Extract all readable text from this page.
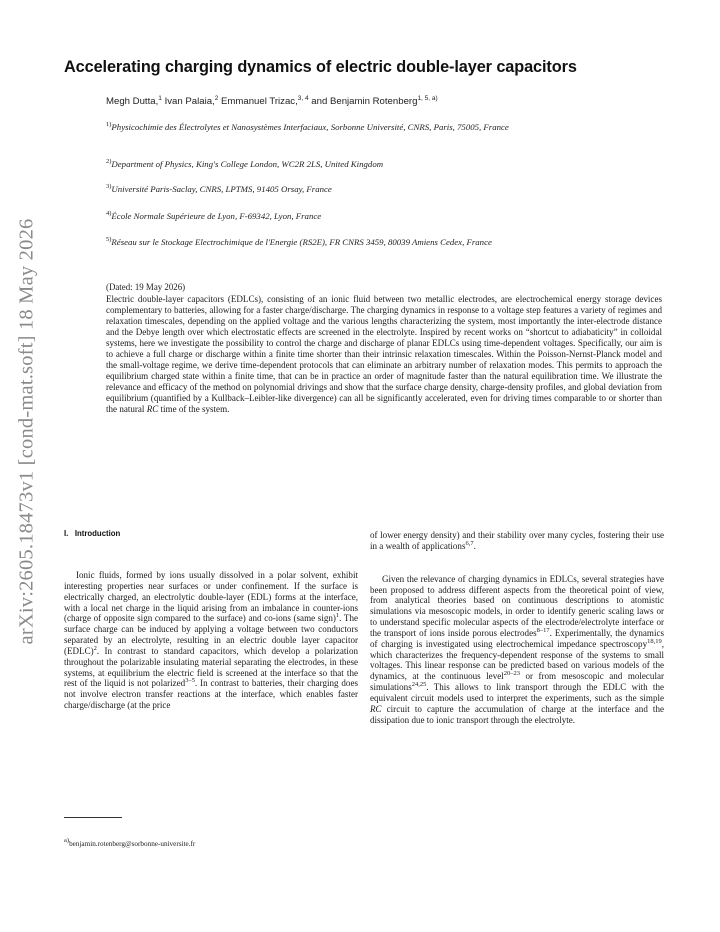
arXiv:2605.18473v1 [cond-mat.soft] 18 May 2026
Accelerating charging dynamics of electric double-layer capacitors
Megh Dutta,$^1$ Ivan Palaia,$^2$ Emmanuel Trizac,$^{3, 4}$ and Benjamin Rotenberg$^{1, 5, a)}$
$^{1)}$Physicochimie des Électrolytes et Nanosystèmes Interfaciaux, Sorbonne Université, CNRS, Paris, 75005, France
$^{2)}$Department of Physics, King's College London, WC2R 2LS, United Kingdom
$^{3)}$Université Paris-Saclay, CNRS, LPTMS, 91405 Orsay, France
$^{4)}$École Normale Supérieure de Lyon, F-69342, Lyon, France
$^{5)}$Réseau sur le Stockage Electrochimique de l'Energie (RS2E), FR CNRS 3459, 80039 Amiens Cedex, France
(Dated: 19 May 2026)
Electric double-layer capacitors (EDLCs), consisting of an ionic fluid between two metallic electrodes, are electrochemical energy storage devices complementary to batteries, allowing for a faster charge/discharge. The charging dynamics in response to a voltage step features a variety of regimes and relaxation timescales, depending on the applied voltage and the various lengths characterizing the system, most importantly the inter-electrode distance and the Debye length over which electrostatic effects are screened in the electrolyte. Inspired by recent works on “shortcut to adiabaticity” in colloidal systems, here we investigate the possibility to control the charge and discharge of planar EDLCs using time-dependent voltages. Specifically, our aim is to achieve a full charge or discharge within a finite time shorter than their intrinsic relaxation timescales. Within the Poisson-Nernst-Planck model and the small-voltage regime, we derive time-dependent protocols that can eliminate an arbitrary number of relaxation modes. This permits to approach the equilibrium charged state within a finite time, that can be in practice an order of magnitude faster than the natural equilibration time. We illustrate the relevance and efficacy of the method on polynomial drivings and show that the surface charge density, charge-density profiles, and global deviation from equilibrium (quantified by a Kullback–Leibler-like divergence) can all be significantly accelerated, even for driving times comparable to or shorter than the natural RC time of the system.
I. Introduction

Ionic fluids, formed by ions usually dissolved in a polar solvent, exhibit interesting properties near surfaces or under confinement. If the surface is electrically charged, an electrolytic double-layer (EDL) forms at the interface, with a local net charge in the liquid arising from an imbalance in counter-ions (charge of opposite sign compared to the surface) and co-ions (same sign)$^1$. The surface charge can be induced by applying a voltage between two conductors separated by an electrolyte, resulting in an electric double layer capacitor (EDLC)$^2$. In contrast to standard capacitors, which develop a polarization throughout the polarizable insulating material separating the electrodes, in these systems, at equilibrium the electric field is screened at the interface so that the rest of the liquid is not polarized$^{3-5}$. In contrast to batteries, their charging does not involve electron transfer reactions at the interface, which enables faster charge/discharge (at the price

of lower energy density) and their stability over many cycles, fostering their use in a wealth of applications$^{6,7}$.

Given the relevance of charging dynamics in EDLCs, several strategies have been proposed to address different aspects from the theoretical point of view, from analytical theories based on continuous descriptions to atomistic simulations via mesoscopic models, in order to identify generic scaling laws or to understand specific molecular aspects of the electrode/electrolyte interface or the transport of ions inside porous electrodes$^{8-17}$. Experimentally, the dynamics of charging is investigated using electrochemical impedance spectroscopy$^{18,19}$, which characterizes the frequency-dependent response of the systems to small voltages. This linear response can be predicted based on various models of the dynamics, at the continuous level$^{20-23}$ or from mesoscopic and molecular simulations$^{24,25}$. This allows to link transport through the EDLC with the equivalent circuit models used to interpret the experiments, such as the simple RC circuit to capture the accumulation of charge at the interface and the dissipation due to ionic transport through the electrolyte.

$^{a)}$benjamin.rotenberg@sorbonne-universite.fr
